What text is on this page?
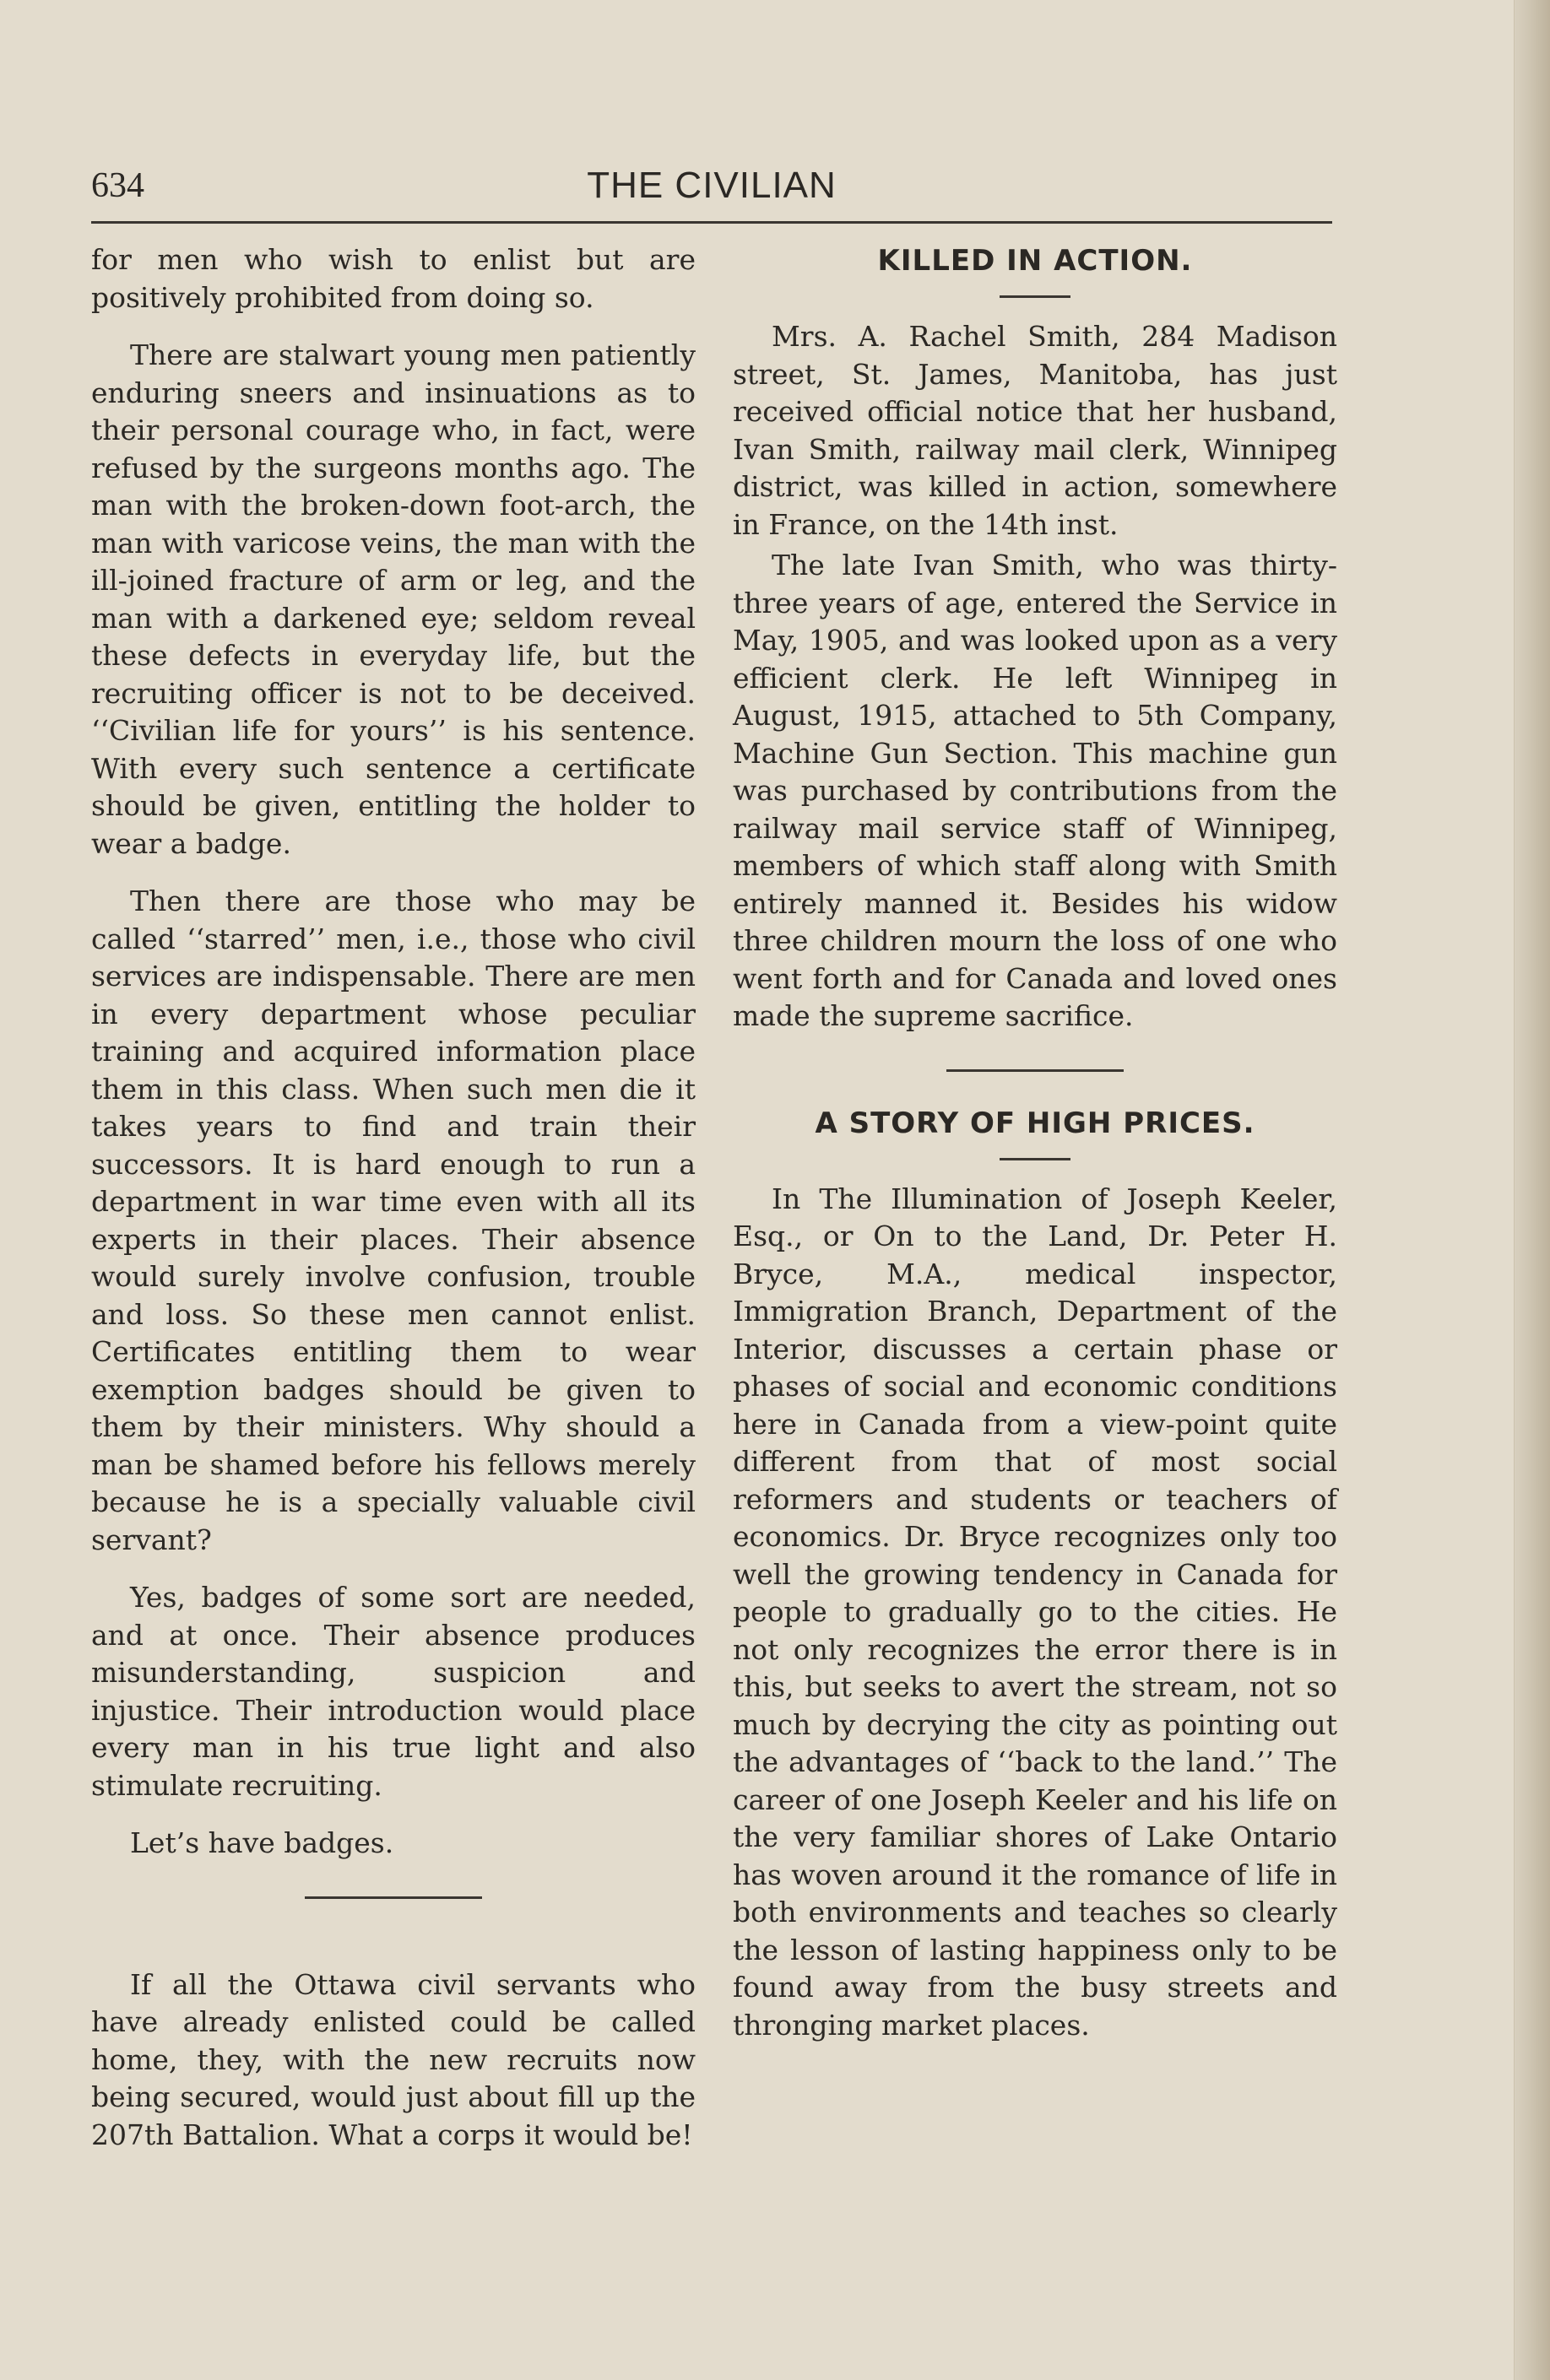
634	THE CIVILIAN

for men who wish to enlist but are positively prohibited from doing so.

There are stalwart young men patiently enduring sneers and insinuations as to their personal courage who, in fact, were refused by the surgeons months ago. The man with the broken-down foot-arch, the man with varicose veins, the man with the ill-joined fracture of arm or leg, and the man with a darkened eye; seldom reveal these defects in everyday life, but the recruiting officer is not to be deceived. ‘‘Civilian life for yours’’ is his sentence. With every such sentence a certificate should be given, entitling the holder to wear a badge.

Then there are those who may be called ‘‘starred’’ men, i.e., those who civil services are indispensable. There are men in every department whose peculiar training and acquired information place them in this class. When such men die it takes years to find and train their successors. It is hard enough to run a department in war time even with all its experts in their places. Their absence would surely involve confusion, trouble and loss. So these men cannot enlist. Certificates entitling them to wear exemption badges should be given to them by their ministers. Why should a man be shamed before his fellows merely because he is a specially valuable civil servant?

Yes, badges of some sort are needed, and at once. Their absence produces misunderstanding, suspicion and injustice. Their introduction would place every man in his true light and also stimulate recruiting.

Let’s have badges.

If all the Ottawa civil servants who have already enlisted could be called home, they, with the new recruits now being secured, would just about fill up the 207th Battalion. What a corps it would be!

KILLED IN ACTION.

Mrs. A. Rachel Smith, 284 Madison street, St. James, Manitoba, has just received official notice that her husband, Ivan Smith, railway mail clerk, Winnipeg district, was killed in action, somewhere in France, on the 14th inst.

The late Ivan Smith, who was thirty-three years of age, entered the Service in May, 1905, and was looked upon as a very efficient clerk. He left Winnipeg in August, 1915, attached to 5th Company, Machine Gun Section. This machine gun was purchased by contributions from the railway mail service staff of Winnipeg, members of which staff along with Smith entirely manned it. Besides his widow three children mourn the loss of one who went forth and for Canada and loved ones made the supreme sacrifice.

A STORY OF HIGH PRICES.

In The Illumination of Joseph Keeler, Esq., or On to the Land, Dr. Peter H. Bryce, M.A., medical inspector, Immigration Branch, Department of the Interior, discusses a certain phase or phases of social and economic conditions here in Canada from a view-point quite different from that of most social reformers and students or teachers of economics. Dr. Bryce recognizes only too well the growing tendency in Canada for people to gradually go to the cities. He not only recognizes the error there is in this, but seeks to avert the stream, not so much by decrying the city as pointing out the advantages of ‘‘back to the land.’’ The career of one Joseph Keeler and his life on the very familiar shores of Lake Ontario has woven around it the romance of life in both environments and teaches so clearly the lesson of lasting happiness only to be found away from the busy streets and thronging market places.
